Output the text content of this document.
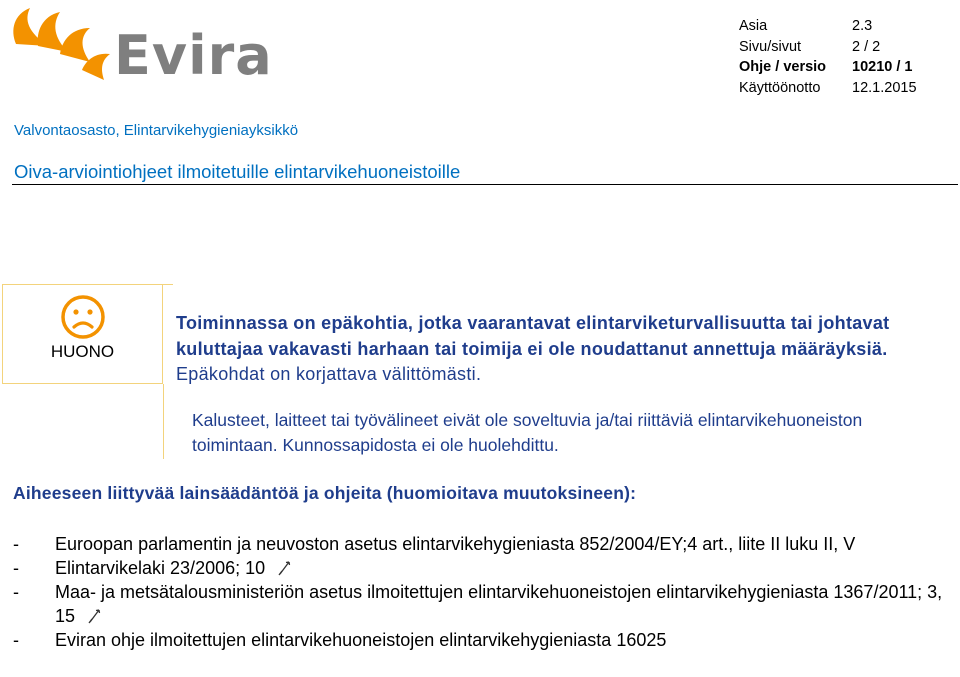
Evira	Asia	2.3
Sivu/sivut	2 / 2
Ohje / versio 10210 / 1
Käyttöönotto 12.1.2015
Valvontaosasto, Elintarvikehygieniayksikkö
Oiva-arviointiohjeet ilmoitetuille elintarvikehuoneistoille
HUONO
Toiminnassa on epäkohtia, jotka vaarantavat elintarviketurvallisuutta tai johtavat kuluttajaa vakavasti harhaan tai toimija ei ole noudattanut annettuja määräyksiä. Epäkohdat on korjattava välittömästi.
Kalusteet, laitteet tai työvälineet eivät ole soveltuvia ja/tai riittäviä elintarvikehuoneiston toimintaan. Kunnossapidosta ei ole huolehdittu.
Aiheeseen liittyvää lainsäädäntöä ja ohjeita (huomioitava muutoksineen):
- Euroopan parlamentin ja neuvoston asetus elintarvikehygieniasta 852/2004/EY;4 art., liite II luku II, V
- Elintarvikelaki 23/2006; 10
- Maa- ja metsätalousministeriön asetus ilmoitettujen elintarvikehuoneistojen elintarvikehygieniasta 1367/2011; 3, 15
- Eviran ohje ilmoitettujen elintarvikehuoneistojen elintarvikehygieniasta 16025
